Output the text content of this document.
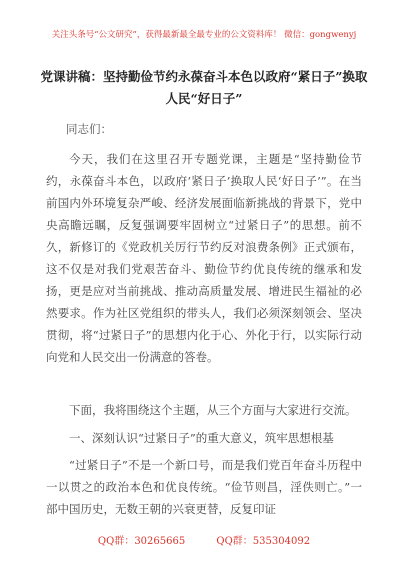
关注头条号“公文研究”，获得最新最全最专业的公文资料库！ 微信：gongwenyj
党课讲稿：坚持勤俭节约永葆奋斗本色以政府“紧日子”换取人民“好日子”
同志们：

今天，我们在这里召开专题党课，主题是“坚持勤俭节约，永葆奋斗本色，以政府‘紧日子’换取人民‘好日子’”。在当前国内外环境复杂严峻、经济发展面临新挑战的背景下，党中央高瞻远瞩，反复强调要牢固树立“过紧日子”的思想。前不久，新修订的《党政机关厉行节约反对浪费条例》正式颁布，这不仅是对我们党艰苦奋斗、勤俭节约优良传统的继承和发扬，更是应对当前挑战、推动高质量发展、增进民生福祉的必然要求。作为社区党组织的带头人，我们必须深刻领会、坚决贯彻，将“过紧日子”的思想内化于心、外化于行，以实际行动向党和人民交出一份满意的答卷。

下面，我将围绕这个主题，从三个方面与大家进行交流。

一、深刻认识“过紧日子”的重大意义，筑牢思想根基

“过紧日子”不是一个新口号，而是我们党百年奋斗历程中一以贯之的政治本色和优良传统。“俭节则昌，淫佚则亡。”一部中国历史，无数王朝的兴衰更替，反复印证

QQ群：30265665	QQ群：535304092
